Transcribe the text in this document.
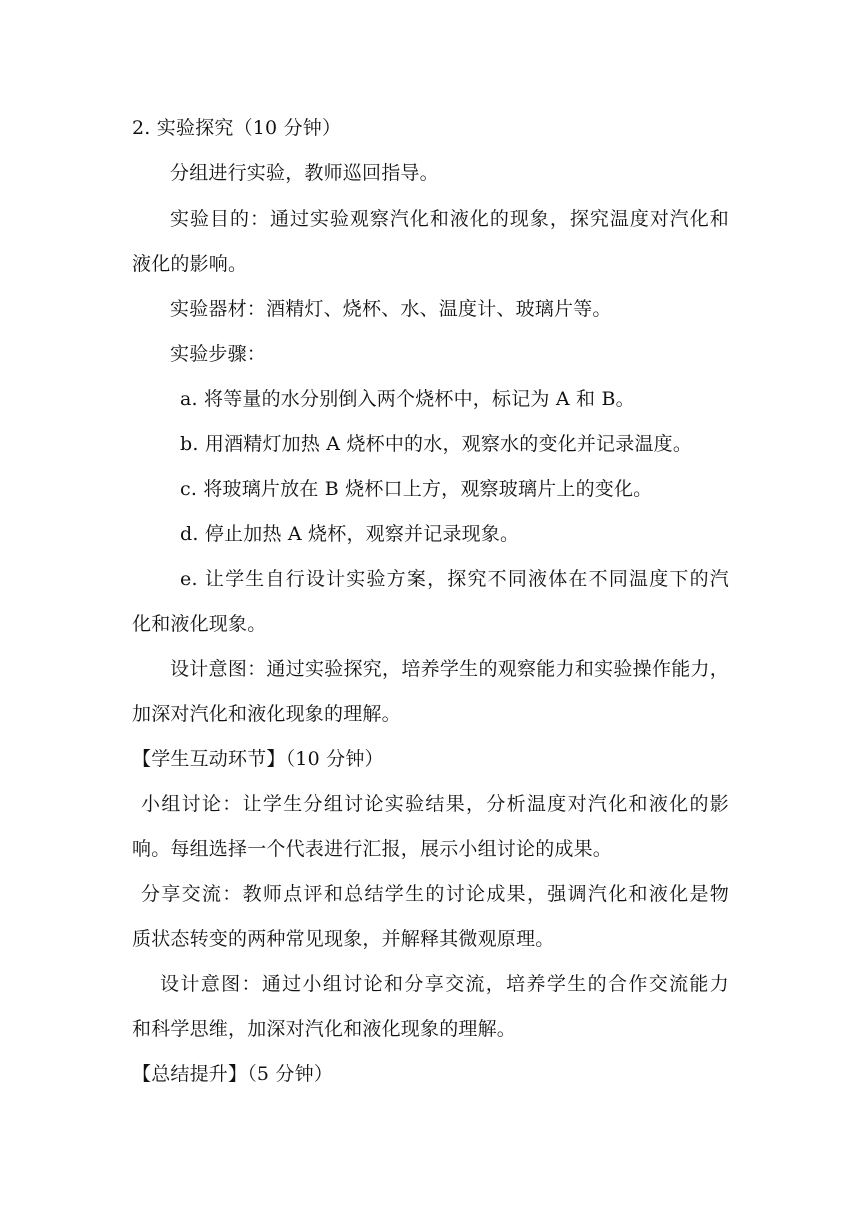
2. 实验探究（10 分钟）
分组进行实验，教师巡回指导。
实验目的：通过实验观察汽化和液化的现象，探究温度对汽化和
液化的影响。
实验器材：酒精灯、烧杯、水、温度计、玻璃片等。
实验步骤：
a. 将等量的水分别倒入两个烧杯中，标记为 A 和 B。
b. 用酒精灯加热 A 烧杯中的水，观察水的变化并记录温度。
c. 将玻璃片放在 B 烧杯口上方，观察玻璃片上的变化。
d. 停止加热 A 烧杯，观察并记录现象。
e. 让学生自行设计实验方案，探究不同液体在不同温度下的汽
化和液化现象。
设计意图：通过实验探究，培养学生的观察能力和实验操作能力，
加深对汽化和液化现象的理解。
【学生互动环节】（10 分钟）
小组讨论：让学生分组讨论实验结果，分析温度对汽化和液化的影
响。每组选择一个代表进行汇报，展示小组讨论的成果。
分享交流：教师点评和总结学生的讨论成果，强调汽化和液化是物
质状态转变的两种常见现象，并解释其微观原理。
设计意图：通过小组讨论和分享交流，培养学生的合作交流能力
和科学思维，加深对汽化和液化现象的理解。
【总结提升】（5 分钟）
